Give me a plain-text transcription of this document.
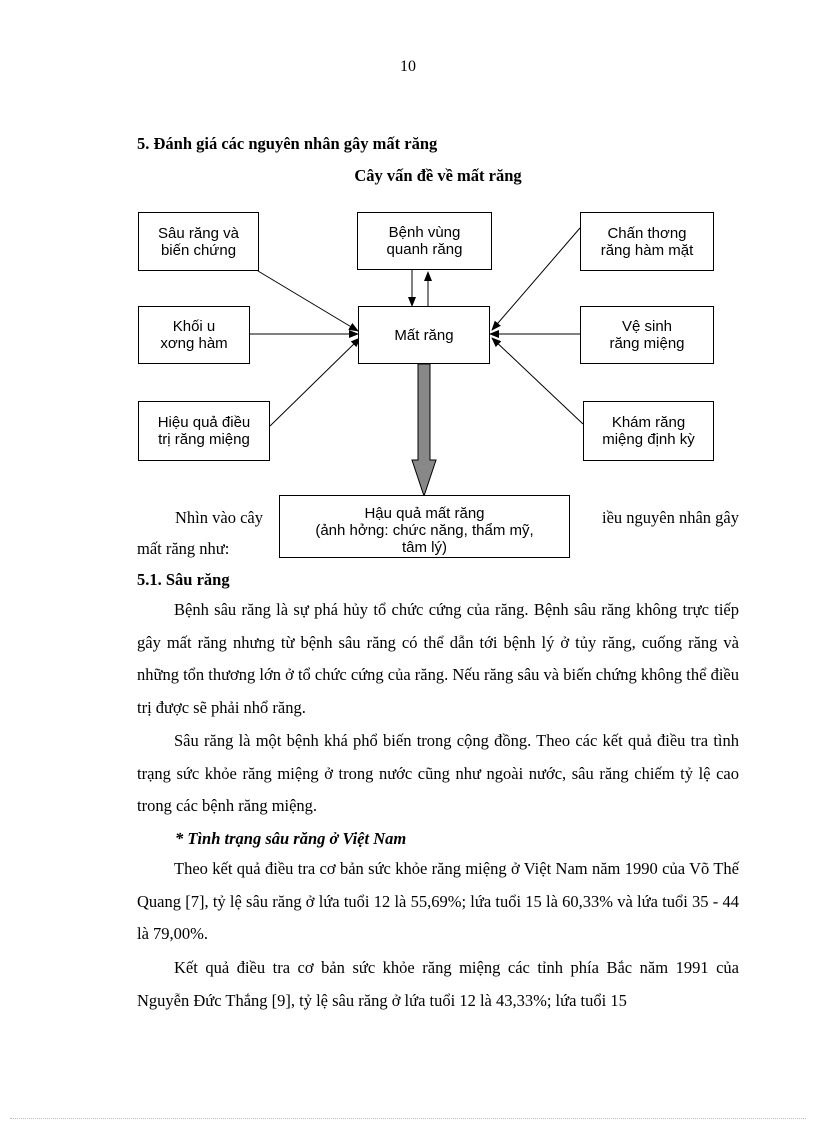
10
5. Đánh giá các nguyên nhân gây mất răng
Cây vấn đề về mất răng
Sâu răng và
biến chứng
Bệnh vùng
quanh răng
Chấn thơng
răng hàm mặt
Khối u
xơng hàm	Mất răng	Vệ sinh
răng miệng
Hiệu quả điều
trị răng miệng
Khám răng
miệng định kỳ
Nhìn vào cây	iều nguyên nhân gây
mất răng như:
Hậu quả mất răng
(ảnh hởng: chức năng, thẩm mỹ,
tâm lý)
5.1. Sâu răng

Bệnh sâu răng là sự phá hủy tổ chức cứng của răng. Bệnh sâu răng không trực tiếp gây mất răng nhưng từ bệnh sâu răng có thể dẫn tới bệnh lý ở tủy răng, cuống răng và những tổn thương lớn ở tổ chức cứng của răng. Nếu răng sâu và biến chứng không thể điều trị được sẽ phải nhổ răng.

Sâu răng là một bệnh khá phổ biến trong cộng đồng. Theo các kết quả điều tra tình trạng sức khỏe răng miệng ở trong nước cũng như ngoài nước, sâu răng chiếm tỷ lệ cao trong các bệnh răng miệng.

* Tình trạng sâu răng ở Việt Nam

Theo kết quả điều tra cơ bản sức khỏe răng miệng ở Việt Nam năm 1990 của Võ Thế Quang [7], tỷ lệ sâu răng ở lứa tuổi 12 là 55,69%; lứa tuổi 15 là 60,33% và lứa tuổi 35 - 44 là 79,00%.

Kết quả điều tra cơ bản sức khỏe răng miệng các tỉnh phía Bắc năm 1991 của Nguyễn Đức Thắng [9], tỷ lệ sâu răng ở lứa tuổi 12 là 43,33%; lứa tuổi 15
